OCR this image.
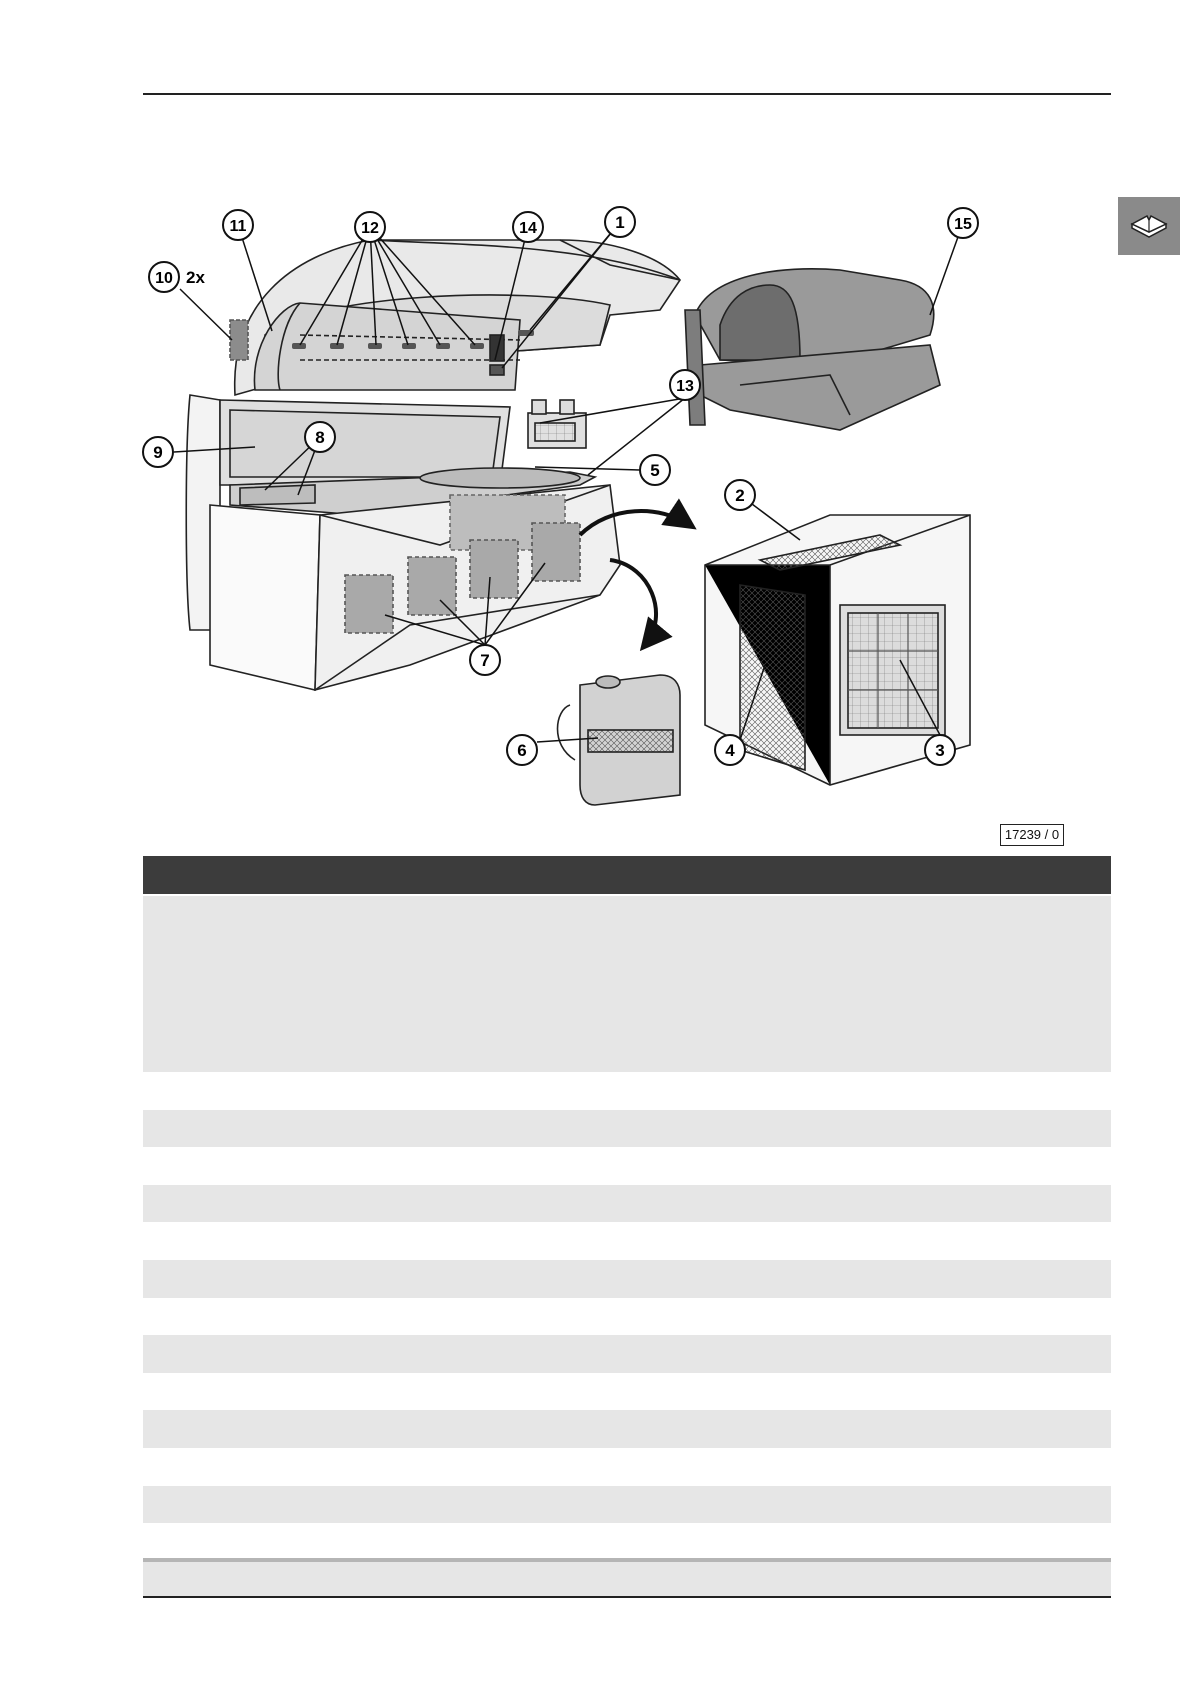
1
2
3
4
5
6
7
8
9
10 2x
11	12
13
14	15
17239 / 0
